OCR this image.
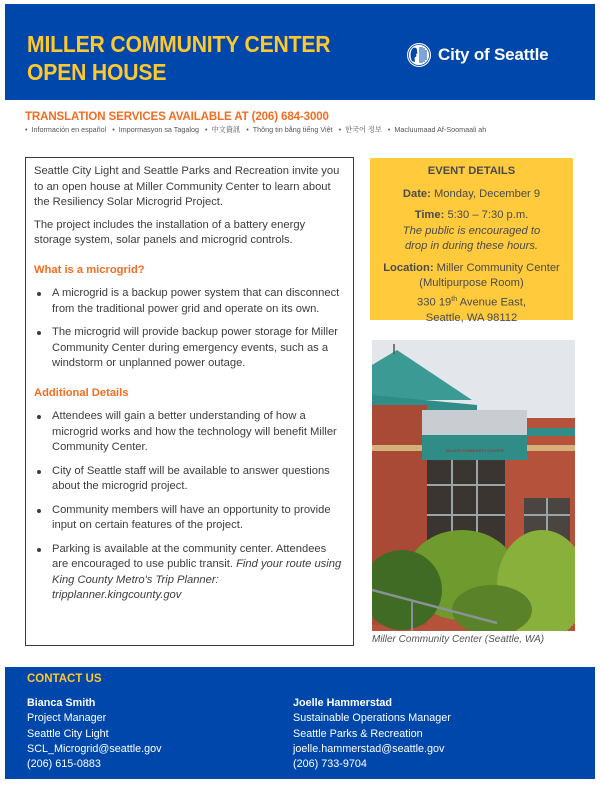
MILLER COMMUNITY CENTER
OPEN HOUSE
City of Seattle
TRANSLATION SERVICES AVAILABLE AT (206) 684-3000
• Información en español • Impormasyon sa Tagalog • 中文資訊 • Thông tin bằng tiếng Việt • 한국어 정보 • Macluumaad Af-Soomaali ah

Seattle City Light and Seattle Parks and Recreation invite you to an open house at Miller Community Center to learn about the Resiliency Solar Microgrid Project.

The project includes the installation of a battery energy storage system, solar panels and microgrid controls.

What is a microgrid?
A microgrid is a backup power system that can disconnect from the traditional power grid and operate on its own.
The microgrid will provide backup power storage for Miller Community Center during emergency events, such as a windstorm or unplanned power outage.
Additional Details
Attendees will gain a better understanding of how a microgrid works and how the technology will benefit Miller Community Center.
City of Seattle staff will be available to answer questions about the microgrid project.
Community members will have an opportunity to provide input on certain features of the project.
Parking is available at the community center. Attendees are encouraged to use public transit. Find your route using King County Metro's Trip Planner: tripplanner.kingcounty.gov
EVENT DETAILS
Date: Monday, December 9
Time: 5:30 – 7:30 p.m.
The public is encouraged to drop in during these hours.
Location: Miller Community Center (Multipurpose Room)
330 19th Avenue East,
Seattle, WA 98112
MILLER COMMUNITY CENTER
Miller Community Center (Seattle, WA)
CONTACT US
Bianca Smith
Project Manager
Seattle City Light
SCL_Microgrid@seattle.gov
(206) 615-0883
Joelle Hammerstad
Sustainable Operations Manager
Seattle Parks & Recreation
joelle.hammerstad@seattle.gov
(206) 733-9704
